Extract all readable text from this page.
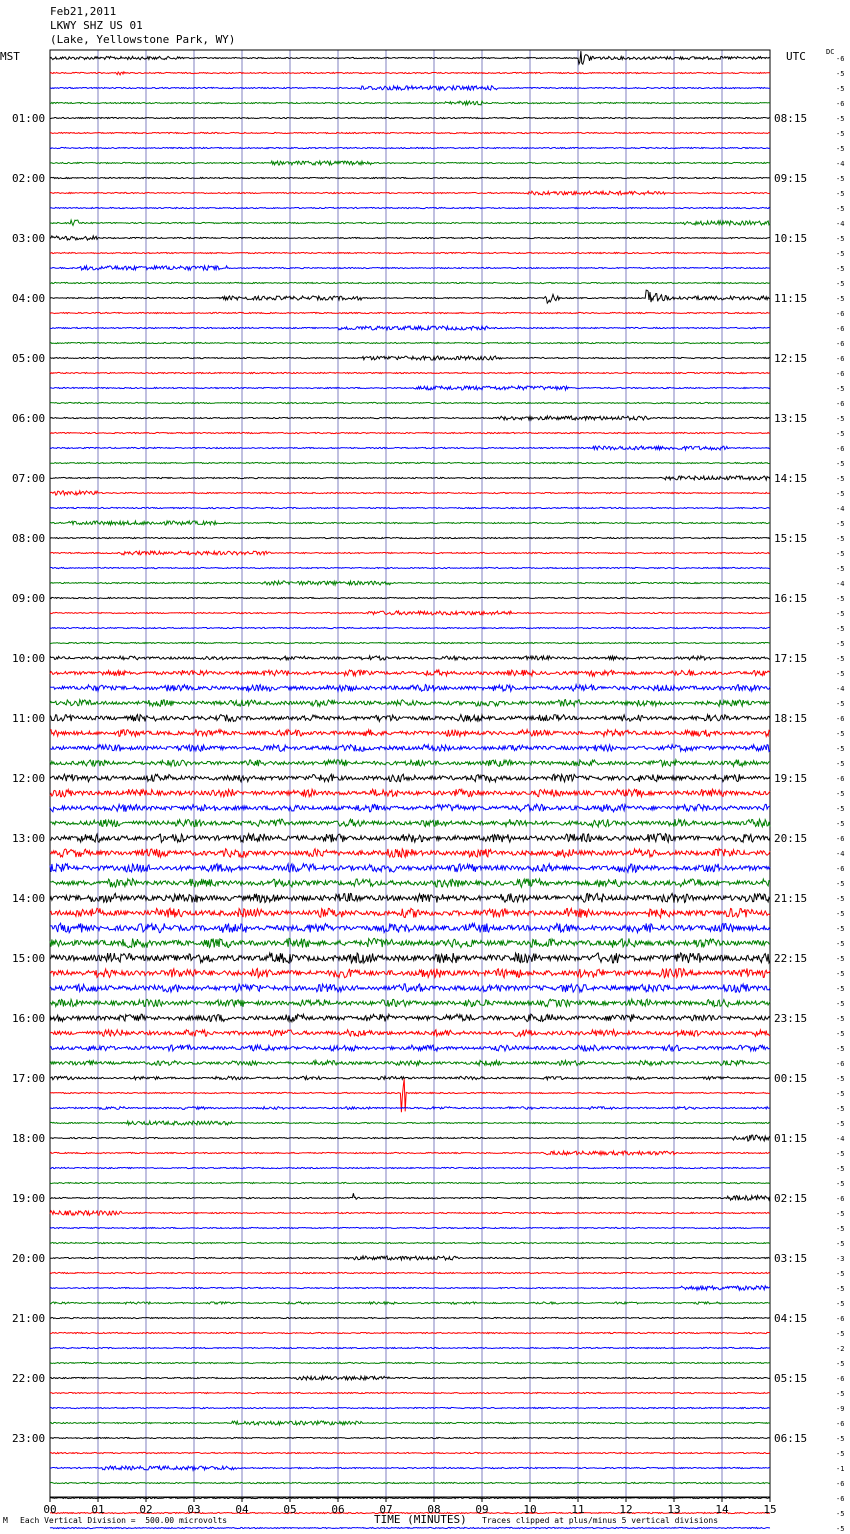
Feb21,2011
LKWY SHZ US 01
(Lake, Yellowstone Park, WY)
MST	UTC	DC
00	01	02	03	04	05	06	07	08	09	10	11	12	13	14	15
-6
-5
-5
-6
-5
-5
-5
-4
-5
-5
-5
-4
-5
-5
-5
-5
-5
-6
-6
-6
-6
-6
-5
-6
-5
-5
-6
-5
-5
-5
-4
-5
-5
-5
-5
-4
-5
-5
-5
-5
-5
-5
-4
-5
-6
-5
-5
-5
-6
-5
-5
-5
-6
-4
-6
-5
-5
-5
-5
-5
-5
-5
-5
-5
-5
-5
-5
-6
-5
-5
-5
-5
-4
-5
-5
-5
-6
-5
-5
-5
-3
-5
-5
-5
-6
-5
-2
-5
-6
-5
-9
-6
-5
-5
-1
-6
-6
-5
-5
01:00
02:00
03:00
04:00
05:00
06:00
07:00
08:00
09:00
10:00
11:00
12:00
13:00
14:00
15:00
16:00
17:00
18:00
19:00
20:00
21:00
22:00
23:00
08:15
09:15
10:15
11:15
12:15
13:15
14:15
15:15
16:15
17:15
18:15
19:15
20:15
21:15
22:15
23:15
00:15
01:15
02:15
03:15
04:15
05:15
06:15
M Each Vertical Division =  500.00 microvolts	TIME (MINUTES) Traces clipped at plus/minus 5 vertical divisions
